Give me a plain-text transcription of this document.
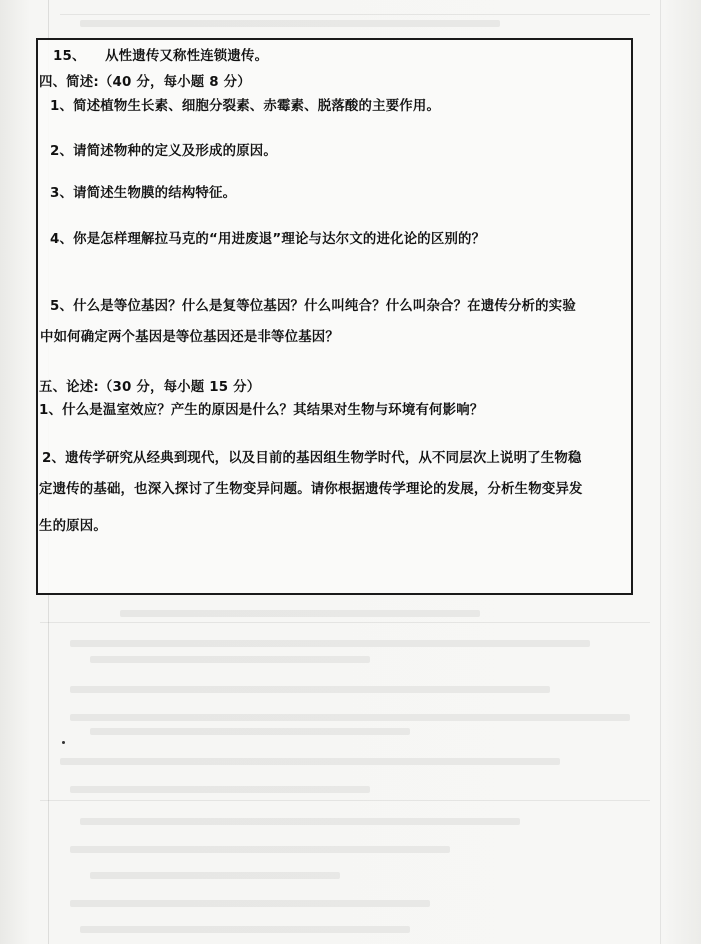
15、 从性遗传又称性连锁遗传。
四、简述:（40 分，每小题 8 分）
1、简述植物生长素、细胞分裂素、赤霉素、脱落酸的主要作用。
2、请简述物种的定义及形成的原因。
3、请简述生物膜的结构特征。
4、你是怎样理解拉马克的“用进废退”理论与达尔文的进化论的区别的？
5、什么是等位基因？什么是复等位基因？什么叫纯合？什么叫杂合？在遗传分析的实验
中如何确定两个基因是等位基因还是非等位基因？
五、论述:（30 分，每小题 15 分）
1、什么是温室效应？产生的原因是什么？其结果对生物与环境有何影响？
2、遗传学研究从经典到现代，以及目前的基因组生物学时代，从不同层次上说明了生物稳
定遗传的基础，也深入探讨了生物变异问题。请你根据遗传学理论的发展，分析生物变异发
生的原因。
